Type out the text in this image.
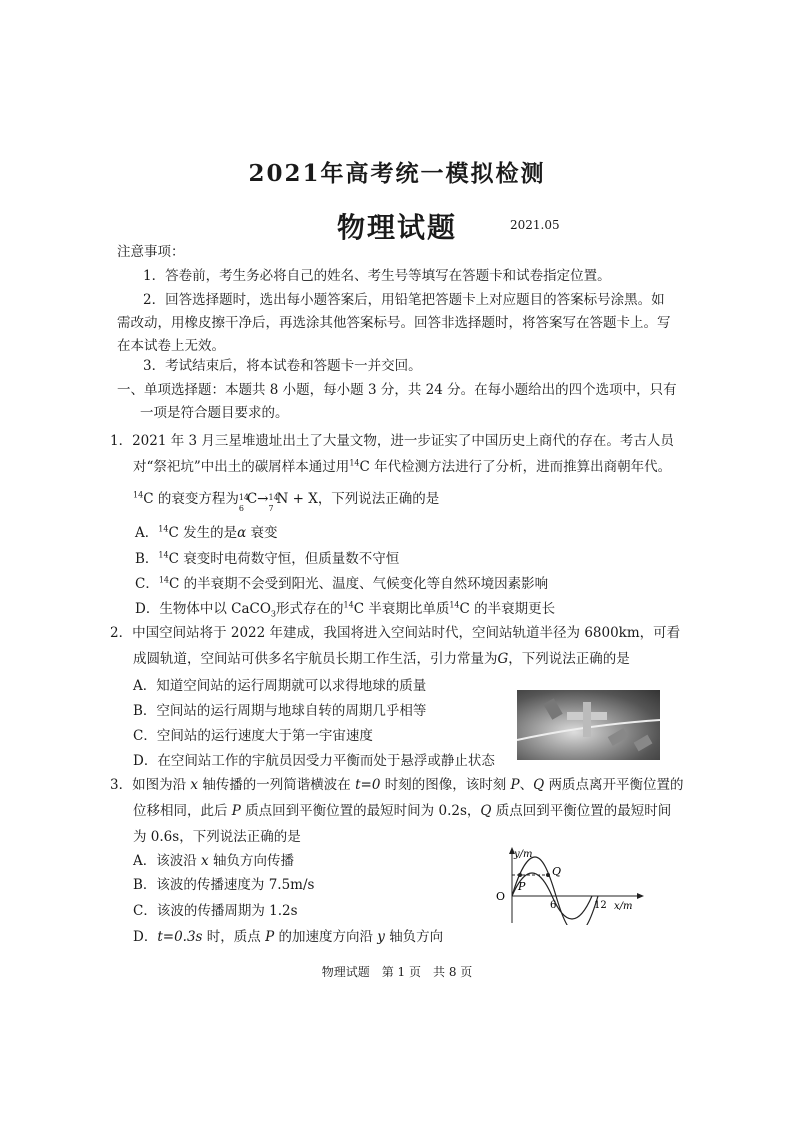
2021年高考统一模拟检测
物理试题	2021.05
注意事项：
1．答卷前，考生务必将自己的姓名、考生号等填写在答题卡和试卷指定位置。
2．回答选择题时，选出每小题答案后，用铅笔把答题卡上对应题目的答案标号涂黑。如
需改动，用橡皮擦干净后，再选涂其他答案标号。回答非选择题时，将答案写在答题卡上。写
在本试卷上无效。
3．考试结束后，将本试卷和答题卡一并交回。
一、单项选择题：本题共 8 小题，每小题 3 分，共 24 分。在每小题给出的四个选项中，只有
一项是符合题目要求的。
1．2021 年 3 月三星堆遗址出土了大量文物，进一步证实了中国历史上商代的存在。考古人员
对“祭祀坑”中出土的碳屑样本通过用$^{14}$C 年代检测方法进行了分析，进而推算出商朝年代。
$^{14}$C 的衰变方程为 14
6
C→ 14
7
N + X，下列说法正确的是
A．$^{14}$C 发生的是α 衰变
B．$^{14}$C 衰变时电荷数守恒，但质量数不守恒
C．$^{14}$C 的半衰期不会受到阳光、温度、气候变化等自然环境因素影响
D．生物体中以 CaCO$_3$形式存在的$^{14}$C 半衰期比单质$^{14}$C 的半衰期更长
2．中国空间站将于 2022 年建成，我国将进入空间站时代，空间站轨道半径为 6800km，可看
成圆轨道，空间站可供多名宇航员长期工作生活，引力常量为G，下列说法正确的是
A．知道空间站的运行周期就可以求得地球的质量
B．空间站的运行周期与地球自转的周期几乎相等
C．空间站的运行速度大于第一宇宙速度
D．在空间站工作的宇航员因受力平衡而处于悬浮或静止状态
3．如图为沿 x 轴传播的一列简谐横波在 t=0 时刻的图像，该时刻 P、Q 两质点离开平衡位置的
位移相同，此后 P 质点回到平衡位置的最短时间为 0.2s，Q 质点回到平衡位置的最短时间
为 0.6s，下列说法正确的是
A．该波沿 x 轴负方向传播
B．该波的传播速度为 7.5m/s
C．该波的传播周期为 1.2s
D．t=0.3s 时，质点 P 的加速度方向沿 y 轴负方向
y/m
O
P
Q
6	12 x/m
物理试题　第 1 页　共 8 页
